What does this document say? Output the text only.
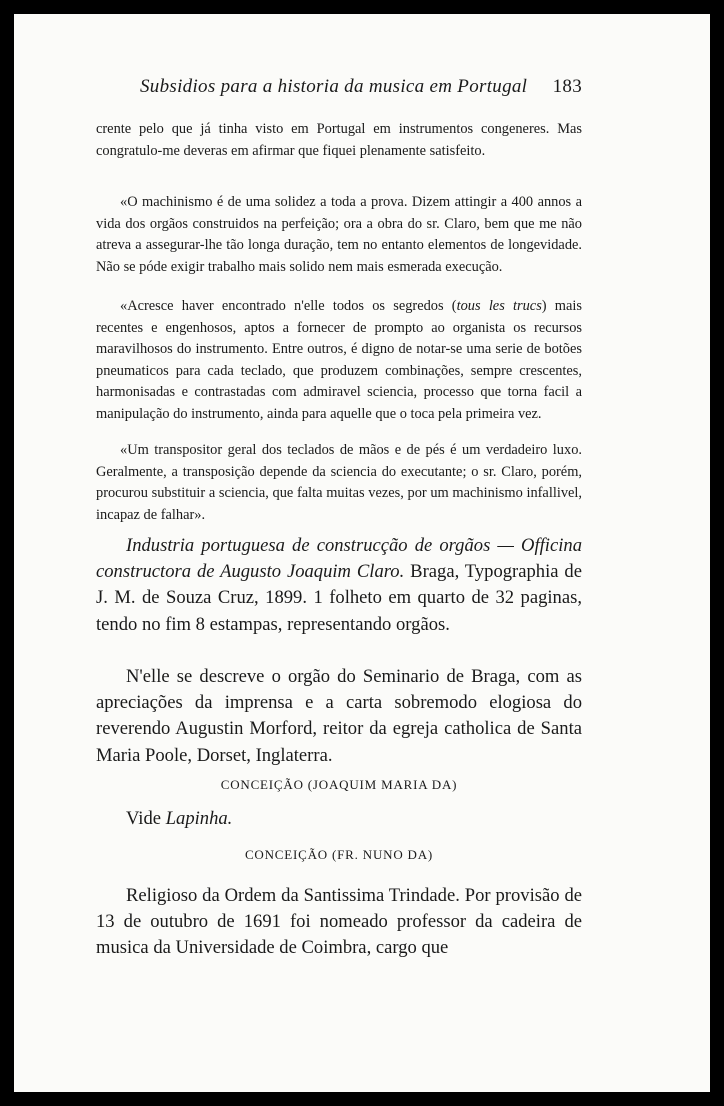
Subsidios para a historia da musica em Portugal 183

crente pelo que já tinha visto em Portugal em instrumentos congeneres. Mas congratulo-me deveras em afirmar que fiquei plenamente satisfeito.

«O machinismo é de uma solidez a toda a prova. Dizem attingir a 400 annos a vida dos orgãos construidos na perfeição; ora a obra do sr. Claro, bem que me não atreva a assegurar-lhe tão longa duração, tem no entanto elementos de longevidade. Não se póde exigir trabalho mais solido nem mais esmerada execução.

«Acresce haver encontrado n'elle todos os segredos (tous les trucs) mais recentes e engenhosos, aptos a fornecer de prompto ao organista os recursos maravilhosos do instrumento. Entre outros, é digno de notar-se uma serie de botões pneumaticos para cada teclado, que produzem combinações, sempre crescentes, harmonisadas e contrastadas com admiravel sciencia, processo que torna facil a manipulação do instrumento, ainda para aquelle que o toca pela primeira vez.

«Um transpositor geral dos teclados de mãos e de pés é um verdadeiro luxo. Geralmente, a transposição depende da sciencia do executante; o sr. Claro, porém, procurou substituir a sciencia, que falta muitas vezes, por um machinismo infallivel, incapaz de falhar».

Industria portuguesa de construcção de orgãos — Officina constructora de Augusto Joaquim Claro. Braga, Typographia de J. M. de Souza Cruz, 1899. 1 folheto em quarto de 32 paginas, tendo no fim 8 estampas, representando orgãos.

N'elle se descreve o orgão do Seminario de Braga, com as apreciações da imprensa e a carta sobremodo elogiosa do reverendo Augustin Morford, reitor da egreja catholica de Santa Maria Poole, Dorset, Inglaterra.

CONCEIÇÃO (JOAQUIM MARIA DA)

Vide Lapinha.

CONCEIÇÃO (FR. NUNO DA)

Religioso da Ordem da Santissima Trindade. Por provisão de 13 de outubro de 1691 foi nomeado professor da cadeira de musica da Universidade de Coimbra, cargo que
